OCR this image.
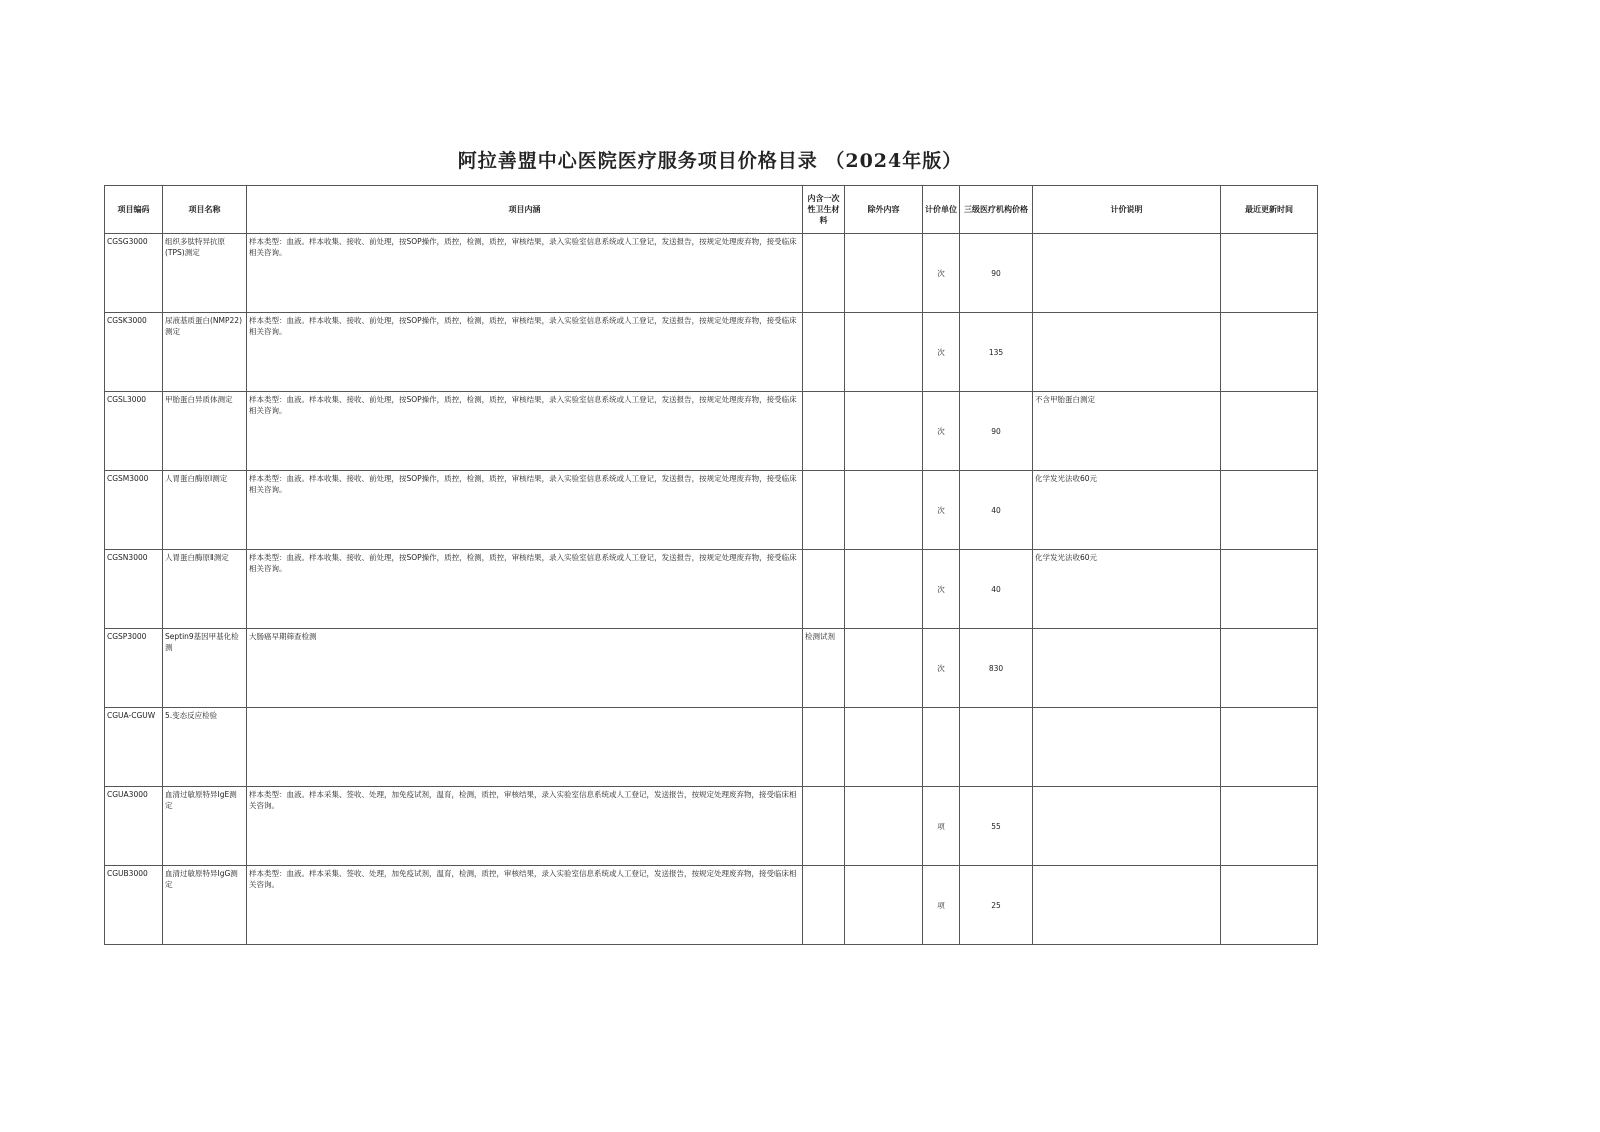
阿拉善盟中心医院医疗服务项目价格目录 （2024年版）
项目编码	项目名称	项目内涵	内含一次性卫生材料	除外内容	计价单位	三级医疗机构价格	计价说明	最近更新时间
CGSG3000	组织多肽特异抗原(TPS)测定	样本类型：血液。样本收集、接收、前处理，按SOP操作，质控，检测，质控，审核结果，录入实验室信息系统或人工登记，发送报告，按规定处理废弃物，接受临床相关咨询。			次	90		
CGSK3000	尿液基质蛋白(NMP22)测定	样本类型：血液。样本收集、接收、前处理，按SOP操作，质控，检测，质控，审核结果，录入实验室信息系统或人工登记，发送报告，按规定处理废弃物，接受临床相关咨询。			次	135		
CGSL3000	甲胎蛋白异质体测定	样本类型：血液。样本收集、接收、前处理，按SOP操作，质控，检测，质控，审核结果，录入实验室信息系统或人工登记，发送报告，按规定处理废弃物，接受临床相关咨询。			次	90	不含甲胎蛋白测定	
CGSM3000	人胃蛋白酶原Ⅰ测定	样本类型：血液。样本收集、接收、前处理，按SOP操作，质控，检测，质控，审核结果，录入实验室信息系统或人工登记，发送报告，按规定处理废弃物，接受临床相关咨询。			次	40	化学发光法收60元	
CGSN3000	人胃蛋白酶原Ⅱ测定	样本类型：血液。样本收集、接收、前处理，按SOP操作，质控，检测，质控，审核结果，录入实验室信息系统或人工登记，发送报告，按规定处理废弃物，接受临床相关咨询。			次	40	化学发光法收60元	
CGSP3000	Septin9基因甲基化检测	大肠癌早期筛查检测	检测试剂		次	830		
CGUA-CGUW	5.变态反应检验							
CGUA3000	血清过敏原特异IgE测定	样本类型：血液。样本采集、签收、处理，加免疫试剂，温育，检测，质控，审核结果，录入实验室信息系统或人工登记，发送报告，按规定处理废弃物，接受临床相关咨询。			项	55		
CGUB3000	血清过敏原特异IgG测定	样本类型：血液。样本采集、签收、处理，加免疫试剂，温育，检测，质控，审核结果，录入实验室信息系统或人工登记，发送报告，按规定处理废弃物，接受临床相关咨询。			项	25		
